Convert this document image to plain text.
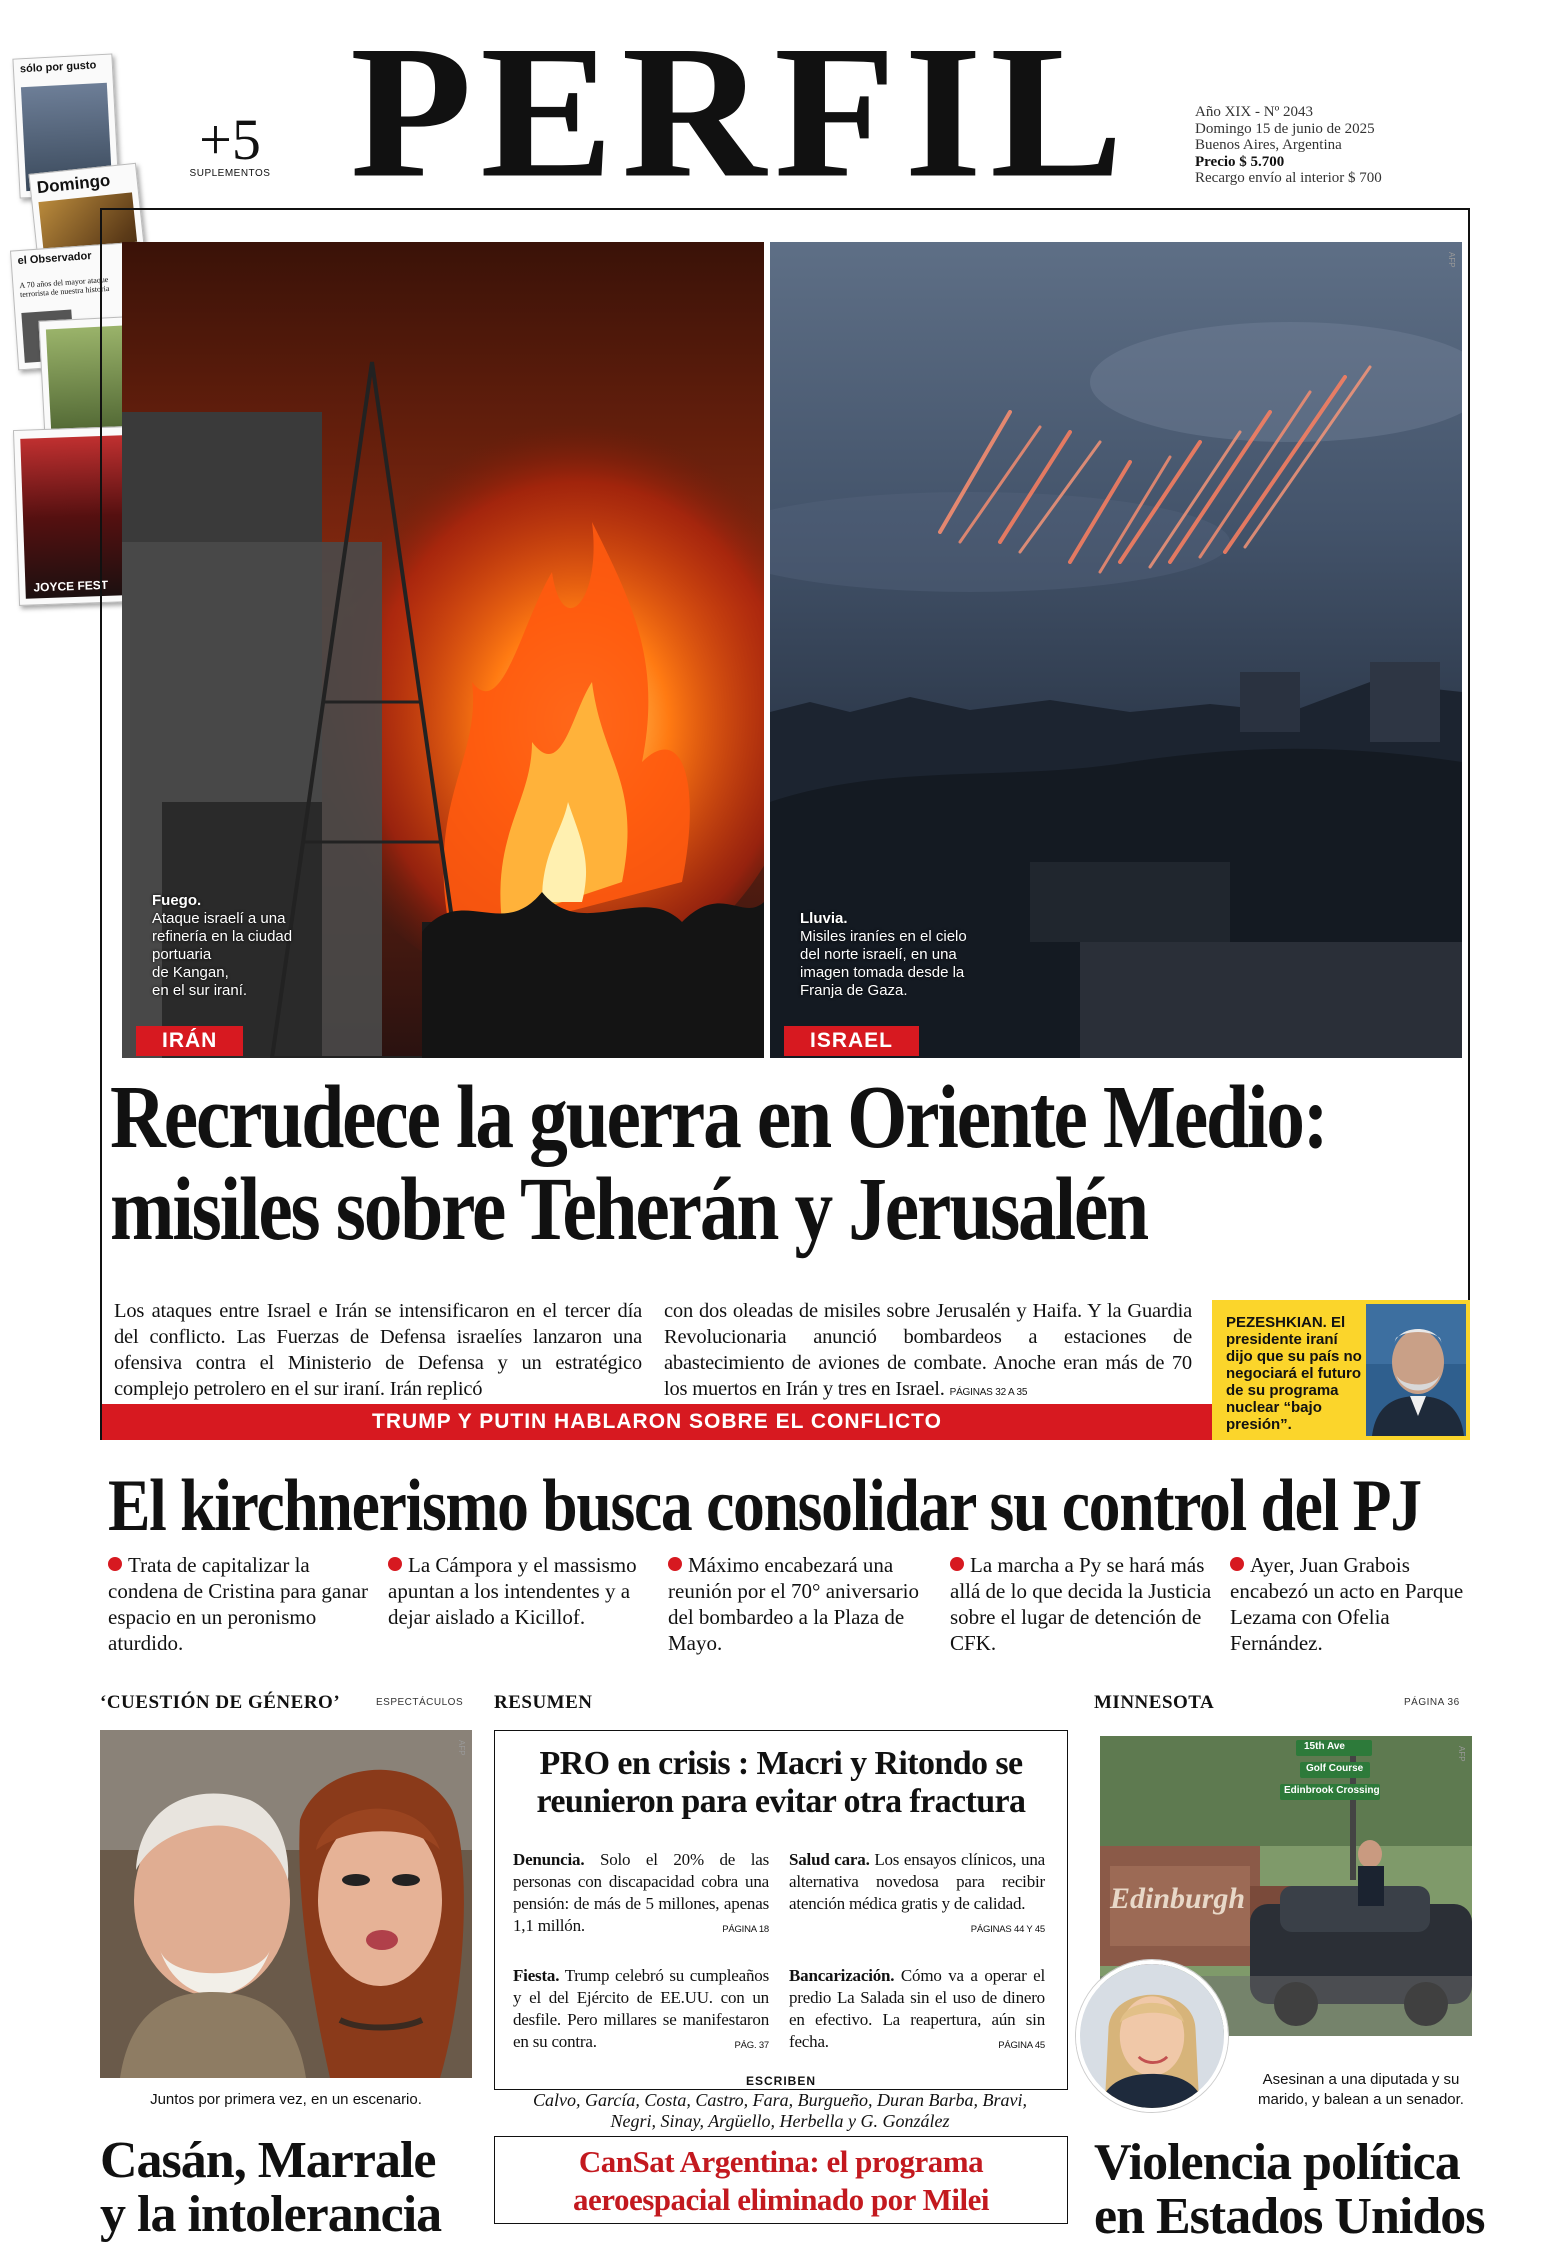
sólo por gusto
Domingo
el Observador
A 70 años del mayor ataque terrorista de nuestra historia
JOYCE FEST
+5
SUPLEMENTOS PERFIL	Año XIX - Nº 2043
Domingo 15 de junio de 2025
Buenos Aires, Argentina
Precio $ 5.700
Recargo envío al interior $ 700
Fuego.
Ataque israelí a una
refinería en la ciudad
portuaria
de Kangan,
en el sur iraní.
IRÁN
AFP
Lluvia.
Misiles iraníes en el cielo
del norte israelí, en una
imagen tomada desde la
Franja de Gaza.
ISRAEL
Recrudece la guerra en Oriente Medio:
misiles sobre Teherán y Jerusalén
Los ataques entre Israel e Irán se intensificaron en el tercer día del conflicto. Las Fuerzas de Defensa israelíes lanzaron una ofensiva contra el Ministerio de Defensa y un estratégico complejo petrolero en el sur iraní. Irán replicó
con dos oleadas de misiles sobre Jerusalén y Haifa. Y la Guardia Revolucionaria anunció bombardeos a estaciones de abastecimiento de aviones de combate. Anoche eran más de 70 los muertos en Irán y tres en Israel. PÁGINAS 32 A 35
TRUMP Y PUTIN HABLARON SOBRE EL CONFLICTO
PEZESHKIAN. El presidente iraní dijo que su país no negociará el futuro de su programa nuclear “bajo presión”.
El kirchnerismo busca consolidar su control del PJ
Trata de capitalizar la condena de Cristina para ganar espacio en un peronismo aturdido.
La Cámpora y el massismo apuntan a los intendentes y a dejar aislado a Kicillof.
Máximo encabezará una reunión por el 70° aniversario del bombardeo a la Plaza de Mayo.
La marcha a Py se hará más allá de lo que decida la Justicia sobre el lugar de detención de CFK.
Ayer, Juan Grabois encabezó un acto en Parque Lezama con Ofelia Fernández.
‘CUESTIÓN DE GÉNERO’	ESPECTÁCULOS
AFP
Juntos por primera vez, en un escenario.
Casán, Marrale
y la intolerancia
RESUMEN
PRO en crisis : Macri y Ritondo se
reunieron para evitar otra fractura
Denuncia. Solo el 20% de las personas con discapacidad cobra una pensión: de más de 5 millones, apenas 1,1 millón.	PÁGINA 18
Salud cara. Los ensayos clínicos, una alternativa novedosa para recibir atención médica gratis y de calidad.
PÁGINAS 44 Y 45
Fiesta. Trump celebró su cumpleaños y el del Ejército de EE.UU. con un desfile. Pero millares se manifestaron en su contra.	PÁG. 37
Bancarización. Cómo va a operar el predio La Salada sin el uso de dinero en efectivo. La reapertura, aún sin fecha.	PÁGINA 45
ESCRIBEN
Calvo, García, Costa, Castro, Fara, Burgueño, Duran Barba, Bravi,
Negri, Sinay, Argüello, Herbella y G. González
CanSat Argentina: el programa
aeroespacial eliminado por Milei
MINNESOTA	PÁGINA 36
15th Ave
Golf Course
Edinbrook Crossing
Edinburgh
AFP
Asesinan a una diputada y su
marido, y balean a un senador.
Violencia política
en Estados Unidos
